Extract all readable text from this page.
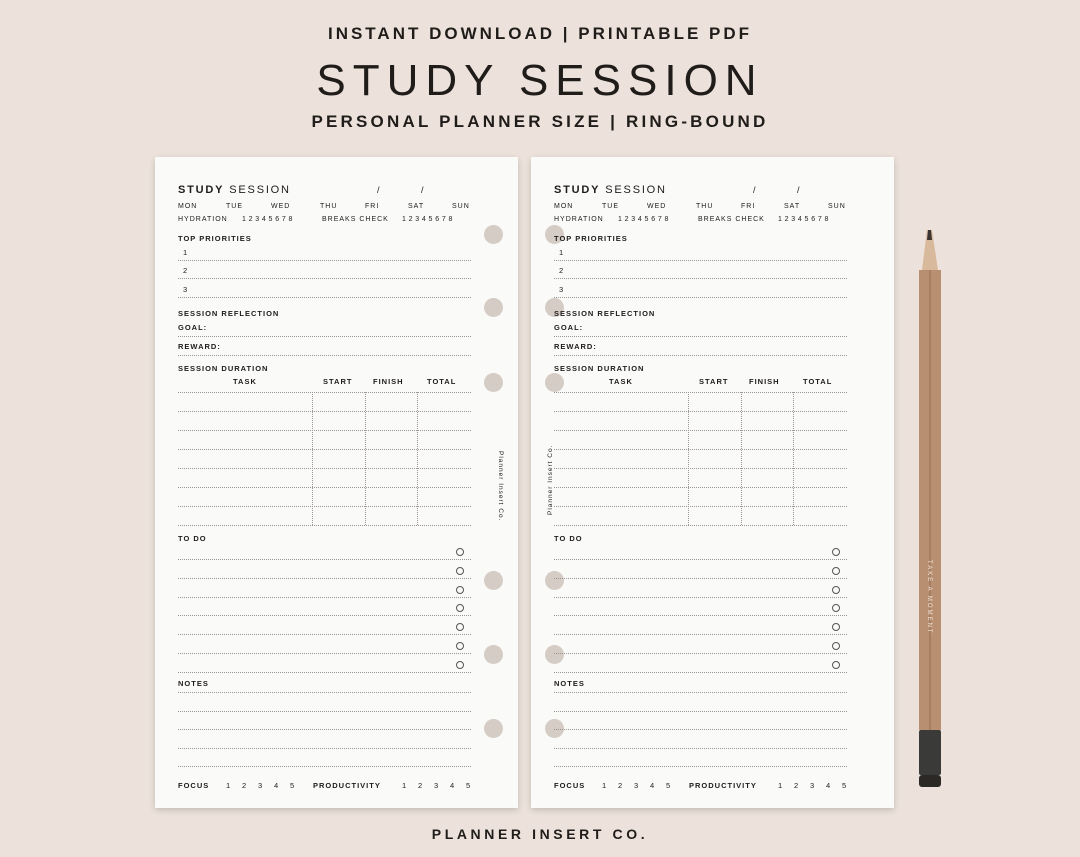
INSTANT DOWNLOAD | PRINTABLE PDF
STUDY SESSION
PERSONAL PLANNER SIZE | RING-BOUND
STUDY SESSION	/	/
MON	TUE	WED	THU	FRI	SAT	SUN
HYDRATION 1 2 3 4 5 6 7 8	BREAKS CHECK 1 2 3 4 5 6 7 8
TOP PRIORITIES
1
2
3
SESSION REFLECTION
GOAL:
REWARD:
SESSION DURATION
TASK	START	FINISH	TOTAL
TO DO
NOTES
FOCUS 1 2 3 4 5 PRODUCTIVITY	1 2 3 4 5
Planner Insert Co.
STUDY SESSION	/	/
MON	TUE	WED	THU	FRI	SAT	SUN
HYDRATION 1 2 3 4 5 6 7 8	BREAKS CHECK 1 2 3 4 5 6 7 8
TOP PRIORITIES
1
2
3
SESSION REFLECTION
GOAL:
REWARD:
SESSION DURATION
TASK	START	FINISH	TOTAL
TO DO
NOTES
FOCUS 1 2 3 4 5 PRODUCTIVITY	1 2 3 4 5
Planner Insert Co.
TAKE A MOMENT
PLANNER INSERT CO.
